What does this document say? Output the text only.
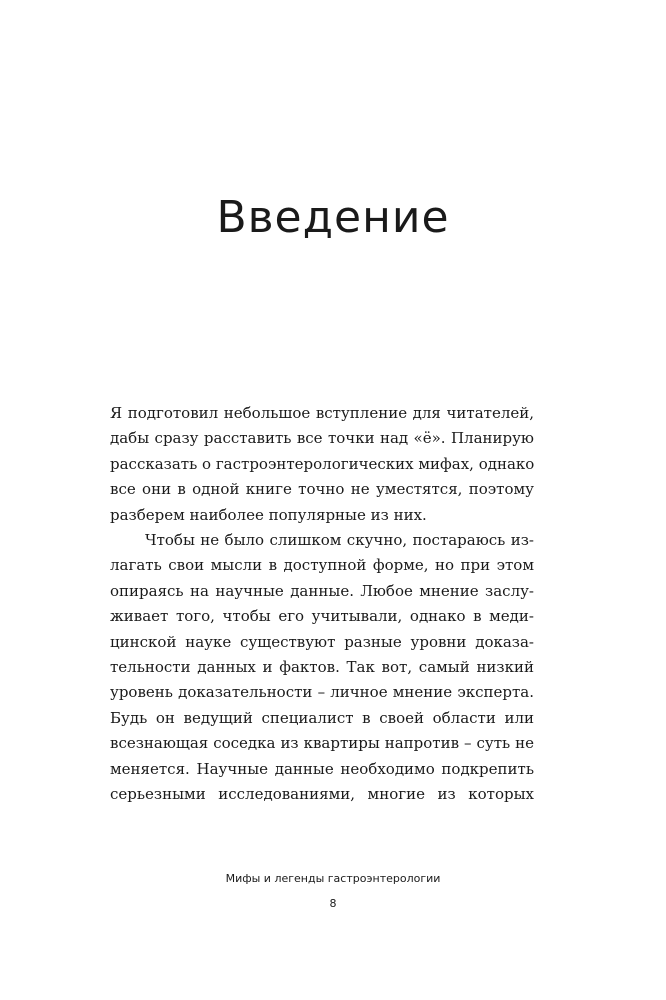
Введение
Я подготовил небольшое вступление для читателей,
дабы сразу расставить все точки над «ё». Планирую
рассказать о гастроэнтерологических мифах, однако
все они в одной книге точно не уместятся, поэтому
разберем наиболее популярные из них.
Чтобы не было слишком скучно, постараюсь из-
лагать свои мысли в доступной форме, но при этом
опираясь на научные данные. Любое мнение заслу-
живает того, чтобы его учитывали, однако в меди-
цинской науке существуют разные уровни доказа-
тельности данных и фактов. Так вот, самый низкий
уровень доказательности – личное мнение эксперта.
Будь он ведущий специалист в своей области или
всезнающая соседка из квартиры напротив – суть не
меняется. Научные данные необходимо подкрепить
серьезными исследованиями, многие из которых
Мифы и легенды гастроэнтерологии
8
